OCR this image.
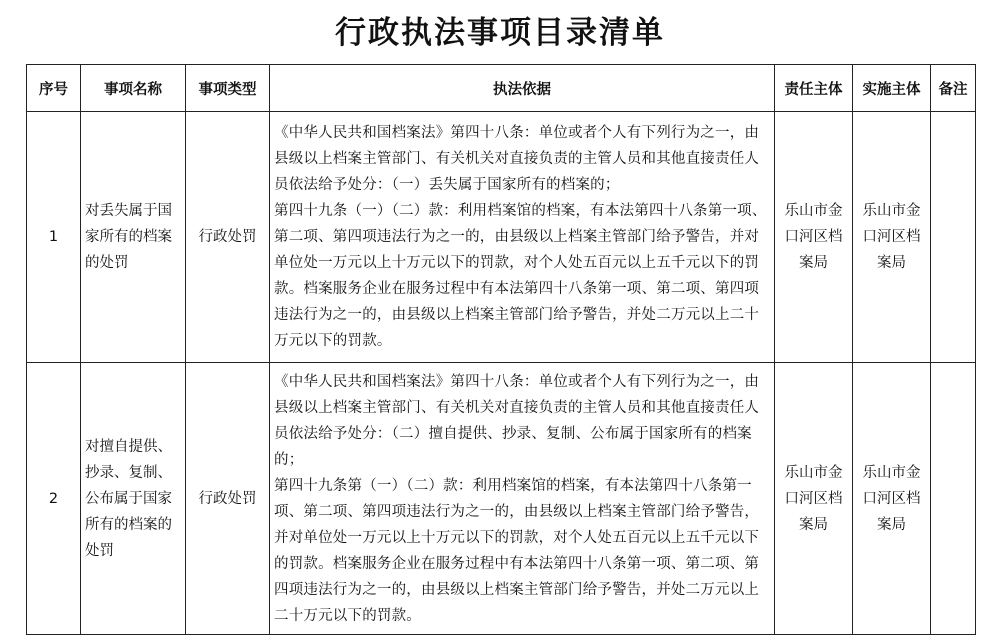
行政执法事项目录清单
序号	事项名称	事项类型	执法依据	责任主体	实施主体	备注
1	对丢失属于国家所有的档案的处罚	行政处罚	《中华人民共和国档案法》第四十八条：单位或者个人有下列行为之一，由县级以上档案主管部门、有关机关对直接负责的主管人员和其他直接责任人员依法给予处分：（一）丢失属于国家所有的档案的；

第四十九条（一）（二）款：利用档案馆的档案，有本法第四十八条第一项、第二项、第四项违法行为之一的，由县级以上档案主管部门给予警告，并对单位处一万元以上十万元以下的罚款，对个人处五百元以上五千元以下的罚款。档案服务企业在服务过程中有本法第四十八条第一项、第二项、第四项违法行为之一的，由县级以上档案主管部门给予警告，并处二万元以上二十万元以下的罚款。	乐山市金口河区档案局	乐山市金口河区档案局	
2	对擅自提供、抄录、复制、公布属于国家所有的档案的处罚	行政处罚	《中华人民共和国档案法》第四十八条：单位或者个人有下列行为之一，由县级以上档案主管部门、有关机关对直接负责的主管人员和其他直接责任人员依法给予处分：（二）擅自提供、抄录、复制、公布属于国家所有的档案的；

第四十九条第（一）（二）款：利用档案馆的档案，有本法第四十八条第一项、第二项、第四项违法行为之一的，由县级以上档案主管部门给予警告，并对单位处一万元以上十万元以下的罚款，对个人处五百元以上五千元以下的罚款。档案服务企业在服务过程中有本法第四十八条第一项、第二项、第四项违法行为之一的，由县级以上档案主管部门给予警告，并处二万元以上二十万元以下的罚款。	乐山市金口河区档案局	乐山市金口河区档案局	
